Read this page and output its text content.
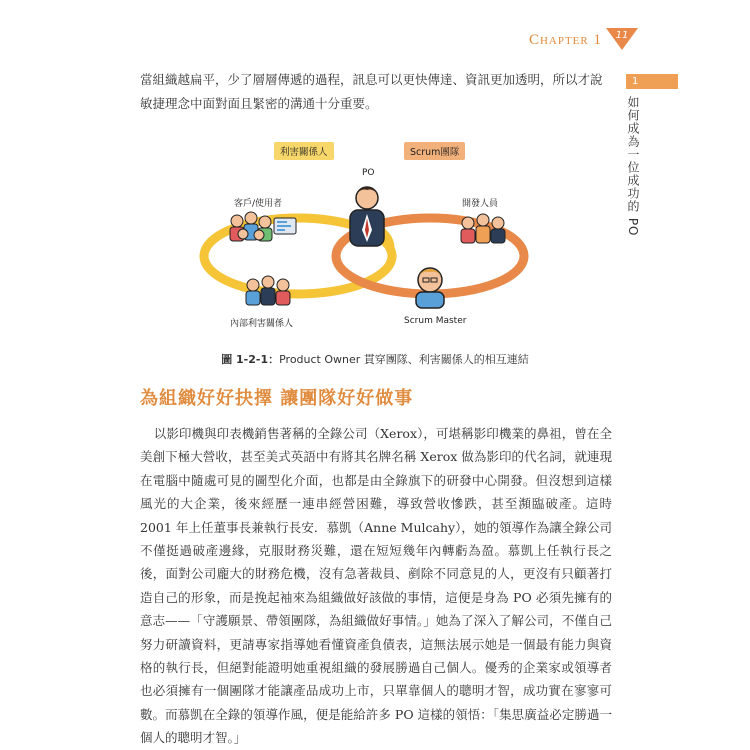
Chapter 1	11
1
如何成為一位成功的 PO
當組織越扁平，少了層層傳遞的過程，訊息可以更快傳達、資訊更加透明，所以才說敏捷理念中面對面且緊密的溝通十分重要。
利害關係人	Scrum團隊
PO
客戶/使用者	開發人員
內部利害關係人	Scrum Master
圖 1-2-1：Product Owner 貫穿團隊、利害關係人的相互連結
為組織好好抉擇 讓團隊好好做事
以影印機與印表機銷售著稱的全錄公司（Xerox），可堪稱影印機業的鼻祖，曾在全美創下極大營收，甚至美式英語中有將其名牌名稱 Xerox 做為影印的代名詞，就連現在電腦中隨處可見的圖型化介面，也都是由全錄旗下的研發中心開發。但沒想到這樣風光的大企業，後來經歷一連串經營困難，導致營收慘跌，甚至瀕臨破產。這時 2001 年上任董事長兼執行長安．慕凱（Anne Mulcahy），她的領導作為讓全錄公司不僅挺過破產邊緣，克服財務災難，還在短短幾年內轉虧為盈。慕凱上任執行長之後，面對公司龐大的財務危機，沒有急著裁員、剷除不同意見的人，更沒有只顧著打造自己的形象，而是挽起袖來為組織做好該做的事情，這便是身為 PO 必須先擁有的意志——「守護願景、帶領團隊，為組織做好事情。」她為了深入了解公司，不僅自己努力研讀資料，更請專家指導她看懂資產負債表，這無法展示她是一個最有能力與資格的執行長，但絕對能證明她重視組織的發展勝過自己個人。優秀的企業家或領導者也必須擁有一個團隊才能讓產品成功上市，只單靠個人的聰明才智，成功實在寥寥可數。而慕凱在全錄的領導作風，便是能給許多 PO 這樣的領悟：「集思廣益必定勝過一個人的聰明才智。」
